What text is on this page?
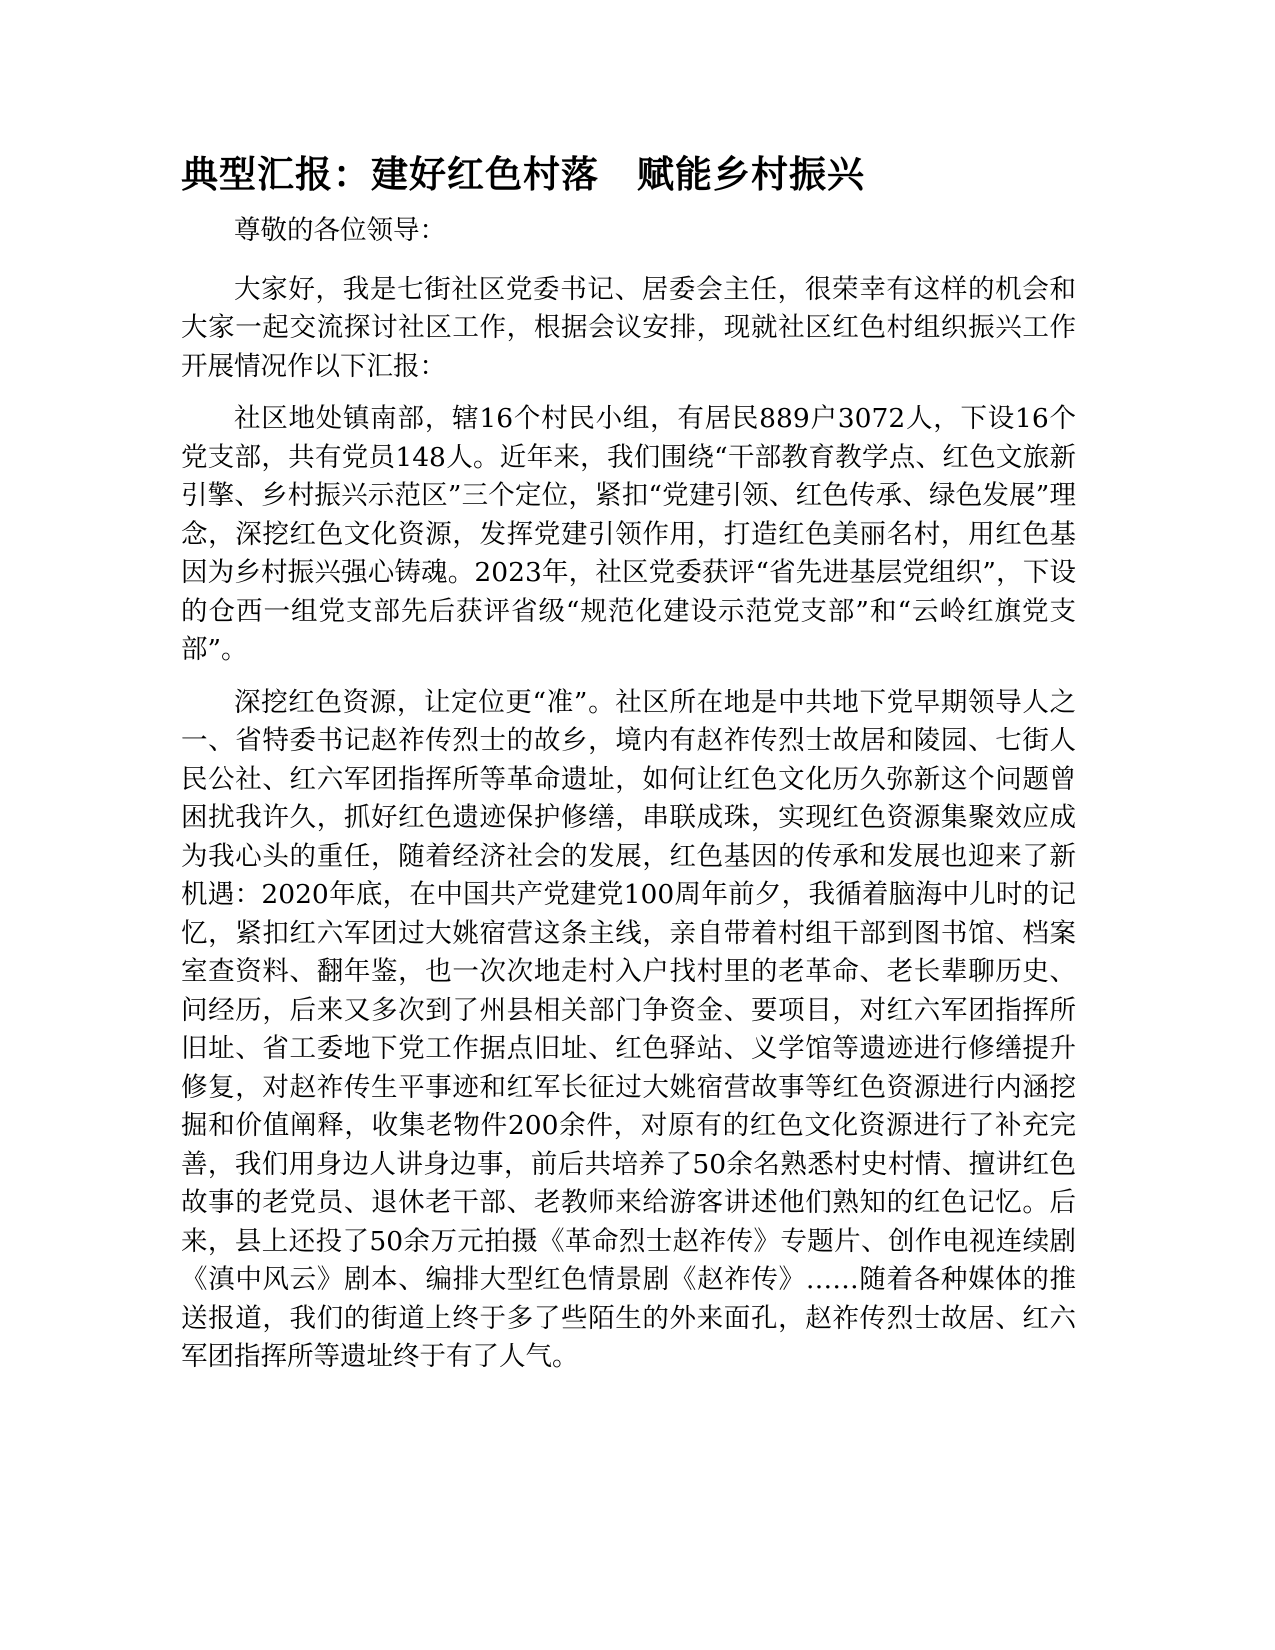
典型汇报：建好红色村落　赋能乡村振兴

尊敬的各位领导：

大家好，我是七街社区党委书记、居委会主任，很荣幸有这样的机会和大家一起交流探讨社区工作，根据会议安排，现就社区红色村组织振兴工作开展情况作以下汇报：

社区地处镇南部，辖16个村民小组，有居民889户3072人，下设16个党支部，共有党员148人。近年来，我们围绕“干部教育教学点、红色文旅新引擎、乡村振兴示范区”三个定位，紧扣“党建引领、红色传承、绿色发展”理念，深挖红色文化资源，发挥党建引领作用，打造红色美丽名村，用红色基因为乡村振兴强心铸魂。2023年，社区党委获评“省先进基层党组织”，下设的仓西一组党支部先后获评省级“规范化建设示范党支部”和“云岭红旗党支部”。

深挖红色资源，让定位更“准”。社区所在地是中共地下党早期领导人之一、省特委书记赵祚传烈士的故乡，境内有赵祚传烈士故居和陵园、七街人民公社、红六军团指挥所等革命遗址，如何让红色文化历久弥新这个问题曾困扰我许久，抓好红色遗迹保护修缮，串联成珠，实现红色资源集聚效应成为我心头的重任，随着经济社会的发展，红色基因的传承和发展也迎来了新机遇：2020年底，在中国共产党建党100周年前夕，我循着脑海中儿时的记忆，紧扣红六军团过大姚宿营这条主线，亲自带着村组干部到图书馆、档案室查资料、翻年鉴，也一次次地走村入户找村里的老革命、老长辈聊历史、问经历，后来又多次到了州县相关部门争资金、要项目，对红六军团指挥所旧址、省工委地下党工作据点旧址、红色驿站、义学馆等遗迹进行修缮提升修复，对赵祚传生平事迹和红军长征过大姚宿营故事等红色资源进行内涵挖掘和价值阐释，收集老物件200余件，对原有的红色文化资源进行了补充完善，我们用身边人讲身边事，前后共培养了50余名熟悉村史村情、擅讲红色故事的老党员、退休老干部、老教师来给游客讲述他们熟知的红色记忆。后来，县上还投了50余万元拍摄《革命烈士赵祚传》专题片、创作电视连续剧《滇中风云》剧本、编排大型红色情景剧《赵祚传》……随着各种媒体的推送报道，我们的街道上终于多了些陌生的外来面孔，赵祚传烈士故居、红六军团指挥所等遗址终于有了人气。
